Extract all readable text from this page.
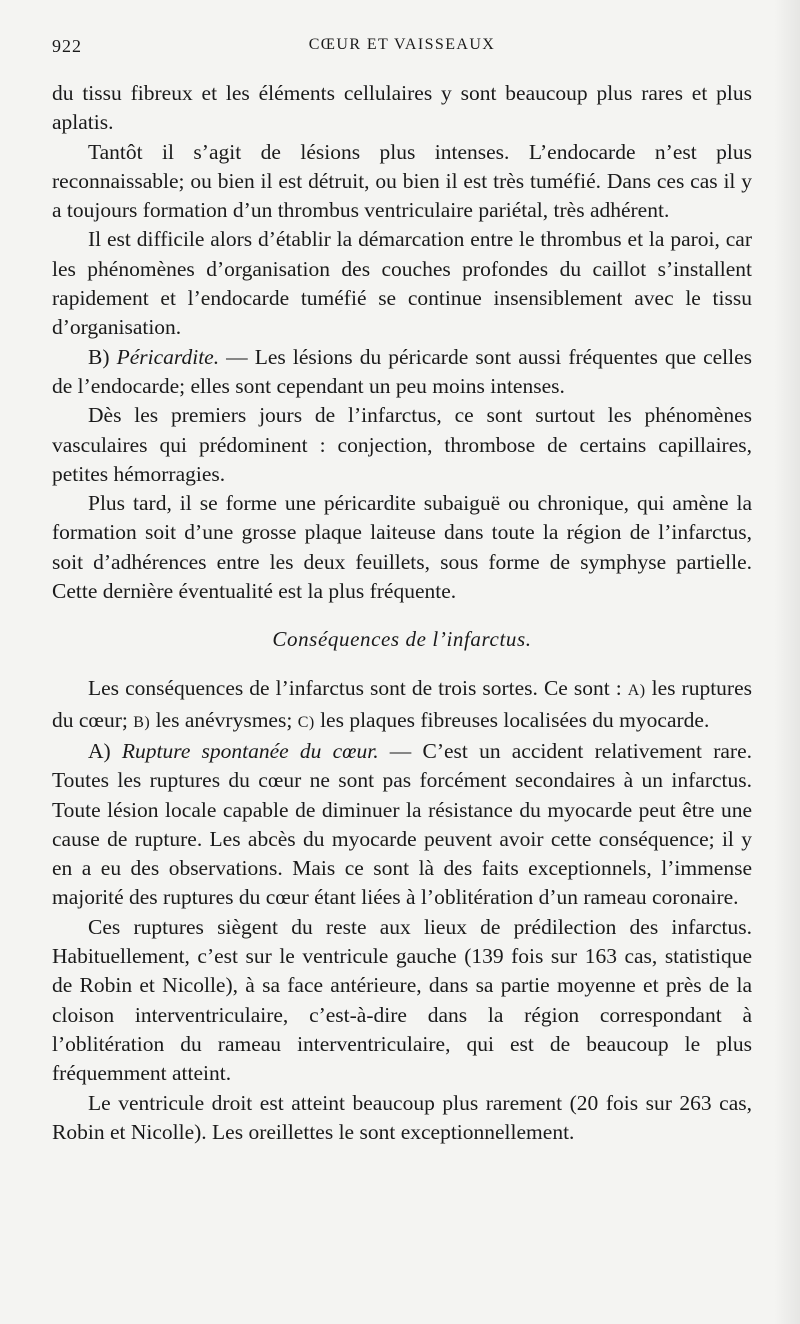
922	CŒUR ET VAISSEAUX

du tissu fibreux et les éléments cellulaires y sont beaucoup plus rares et plus aplatis.

Tantôt il s’agit de lésions plus intenses. L’endocarde n’est plus reconnaissable; ou bien il est détruit, ou bien il est très tuméfié. Dans ces cas il y a toujours formation d’un thrombus ventriculaire pariétal, très adhérent.

Il est difficile alors d’établir la démarcation entre le thrombus et la paroi, car les phénomènes d’organisation des couches profondes du caillot s’installent rapidement et l’endocarde tuméfié se continue insensiblement avec le tissu d’organisation.

B) Péricardite. — Les lésions du péricarde sont aussi fréquentes que celles de l’endocarde; elles sont cependant un peu moins intenses.

Dès les premiers jours de l’infarctus, ce sont surtout les phénomènes vasculaires qui prédominent : conjection, thrombose de certains capillaires, petites hémorragies.

Plus tard, il se forme une péricardite subaiguë ou chronique, qui amène la formation soit d’une grosse plaque laiteuse dans toute la région de l’infarctus, soit d’adhérences entre les deux feuillets, sous forme de symphyse partielle. Cette dernière éventualité est la plus fréquente.

Conséquences de l’infarctus.

Les conséquences de l’infarctus sont de trois sortes. Ce sont : A) les ruptures du cœur; B) les anévrysmes; C) les plaques fibreuses localisées du myocarde.

A) Rupture spontanée du cœur. — C’est un accident relativement rare. Toutes les ruptures du cœur ne sont pas forcément secondaires à un infarctus. Toute lésion locale capable de diminuer la résistance du myocarde peut être une cause de rupture. Les abcès du myocarde peuvent avoir cette conséquence; il y en a eu des observations. Mais ce sont là des faits exceptionnels, l’immense majorité des ruptures du cœur étant liées à l’oblitération d’un rameau coronaire.

Ces ruptures siègent du reste aux lieux de prédilection des infarctus. Habituellement, c’est sur le ventricule gauche (139 fois sur 163 cas, statistique de Robin et Nicolle), à sa face antérieure, dans sa partie moyenne et près de la cloison interventriculaire, c’est-à-dire dans la région correspondant à l’oblitération du rameau interventriculaire, qui est de beaucoup le plus fréquemment atteint.

Le ventricule droit est atteint beaucoup plus rarement (20 fois sur 263 cas, Robin et Nicolle). Les oreillettes le sont exceptionnellement.
